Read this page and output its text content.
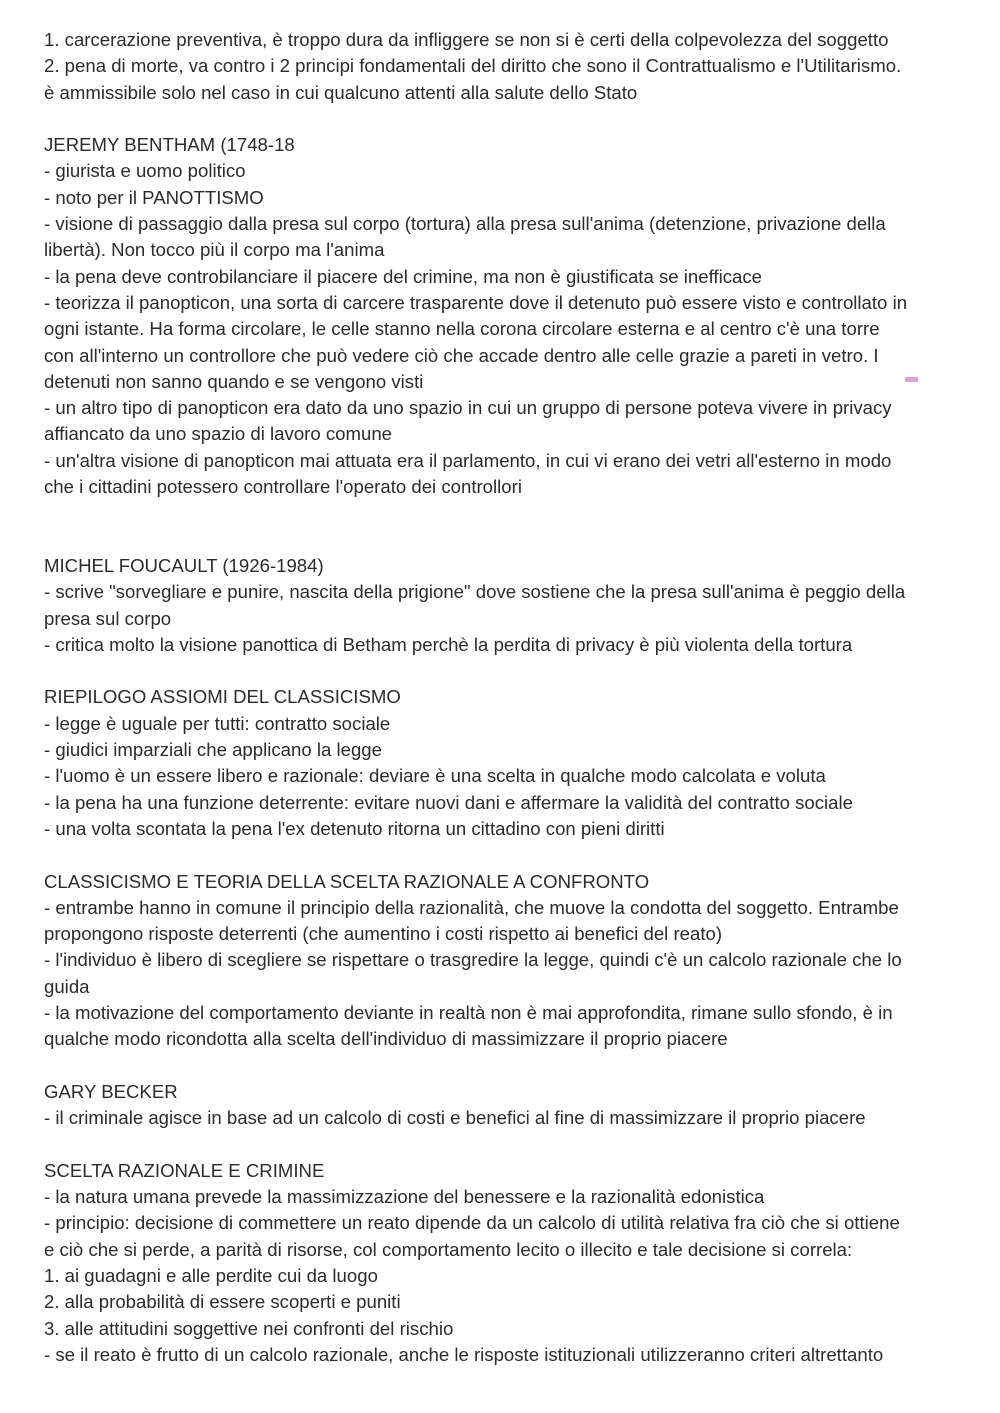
1. carcerazione preventiva, è troppo dura da infliggere se non si è certi della colpevolezza del soggetto

2. pena di morte, va contro i 2 principi fondamentali del diritto che sono il Contrattualismo e l'Utilitarismo.

è ammissibile solo nel caso in cui qualcuno attenti alla salute dello Stato

JEREMY BENTHAM (1748-18

- giurista e uomo politico

- noto per il PANOTTISMO

- visione di passaggio dalla presa sul corpo (tortura) alla presa sull'anima (detenzione, privazione della

libertà). Non tocco più il corpo ma l'anima

- la pena deve controbilanciare il piacere del crimine, ma non è giustificata se inefficace

- teorizza il panopticon, una sorta di carcere trasparente dove il detenuto può essere visto e controllato in

ogni istante. Ha forma circolare, le celle stanno nella corona circolare esterna e al centro c'è una torre

con all'interno un controllore che può vedere ciò che accade dentro alle celle grazie a pareti in vetro. I

detenuti non sanno quando e se vengono visti

- un altro tipo di panopticon era dato da uno spazio in cui un gruppo di persone poteva vivere in privacy

affiancato da uno spazio di lavoro comune

- un'altra visione di panopticon mai attuata era il parlamento, in cui vi erano dei vetri all'esterno in modo

che i cittadini potessero controllare l'operato dei controllori

MICHEL FOUCAULT (1926-1984)

- scrive "sorvegliare e punire, nascita della prigione" dove sostiene che la presa sull'anima è peggio della

presa sul corpo

- critica molto la visione panottica di Betham perchè la perdita di privacy è più violenta della tortura

RIEPILOGO ASSIOMI DEL CLASSICISMO

- legge è uguale per tutti: contratto sociale

- giudici imparziali che applicano la legge

- l'uomo è un essere libero e razionale: deviare è una scelta in qualche modo calcolata e voluta

- la pena ha una funzione deterrente: evitare nuovi dani e affermare la validità del contratto sociale

- una volta scontata la pena l'ex detenuto ritorna un cittadino con pieni diritti

CLASSICISMO E TEORIA DELLA SCELTA RAZIONALE A CONFRONTO

- entrambe hanno in comune il principio della razionalità, che muove la condotta del soggetto. Entrambe

propongono risposte deterrenti (che aumentino i costi rispetto ai benefici del reato)

- l'individuo è libero di scegliere se rispettare o trasgredire la legge, quindi c'è un calcolo razionale che lo

guida

- la motivazione del comportamento deviante in realtà non è mai approfondita, rimane sullo sfondo, è in

qualche modo ricondotta alla scelta dell'individuo di massimizzare il proprio piacere

GARY BECKER

- il criminale agisce in base ad un calcolo di costi e benefici al fine di massimizzare il proprio piacere

SCELTA RAZIONALE E CRIMINE

- la natura umana prevede la massimizzazione del benessere e la razionalità edonistica

- principio: decisione di commettere un reato dipende da un calcolo di utilità relativa fra ciò che si ottiene

e ciò che si perde, a parità di risorse, col comportamento lecito o illecito e tale decisione si correla:

1. ai guadagni e alle perdite cui da luogo

2. alla probabilità di essere scoperti e puniti

3. alle attitudini soggettive nei confronti del rischio

- se il reato è frutto di un calcolo razionale, anche le risposte istituzionali utilizzeranno criteri altrettanto
